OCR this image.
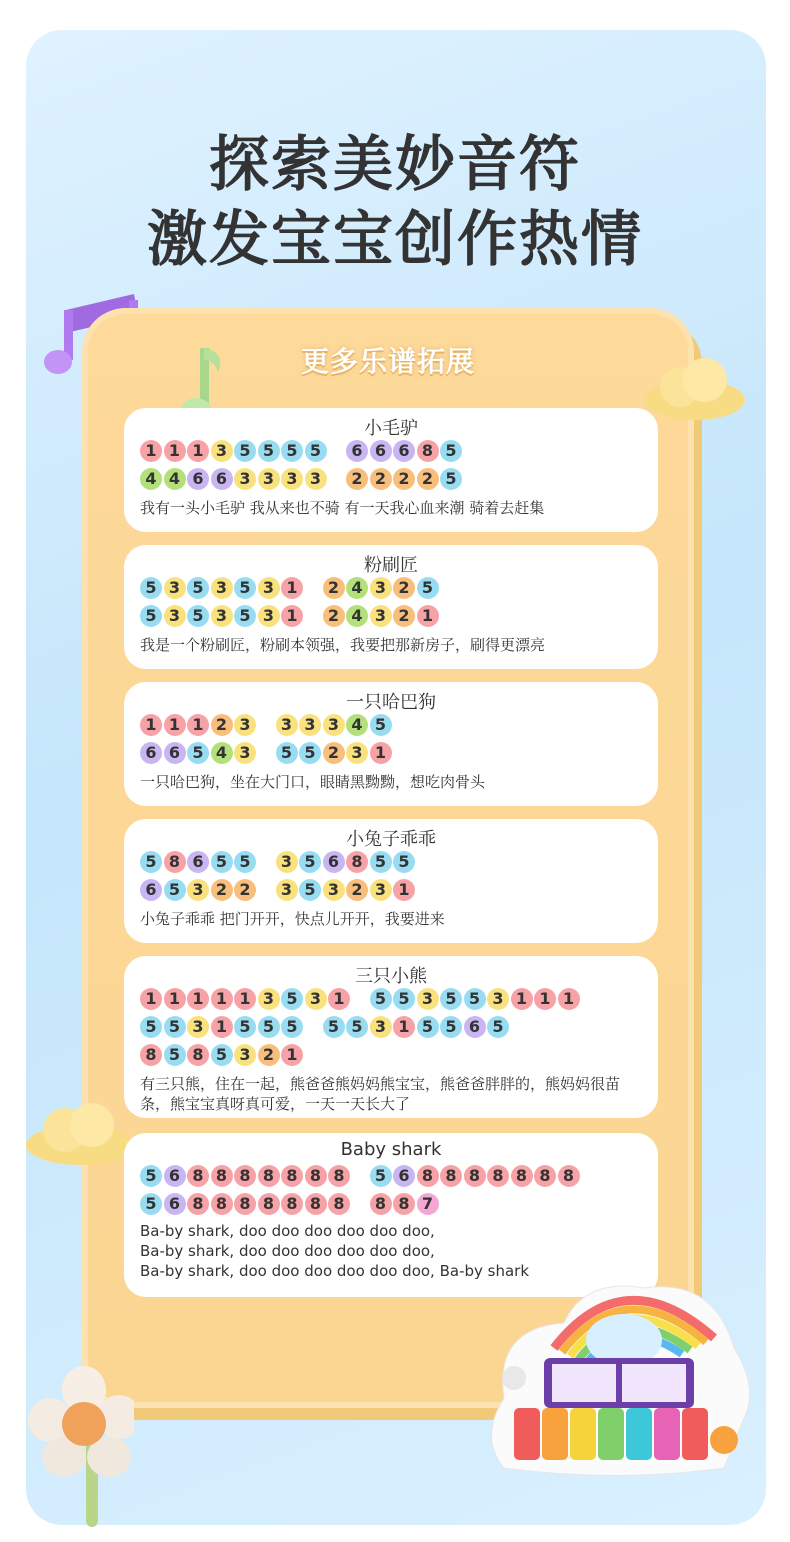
探索美妙音符
激发宝宝创作热情
更多乐谱拓展
小毛驴
1 1 1 3 5 5 5 5	6 6 6 8 5
4 4 6 6 3 3 3 3	2 2 2 2 5
我有一头小毛驴 我从来也不骑 有一天我心血来潮 骑着去赶集
粉刷匠
5 3 5 3 5 3 1	2 4 3 2 5
5 3 5 3 5 3 1	2 4 3 2 1
我是一个粉刷匠，粉刷本领强，我要把那新房子，刷得更漂亮
一只哈巴狗
1 1 1 2 3	3 3 3 4 5
6 6 5 4 3	5 5 2 3 1
一只哈巴狗，坐在大门口，眼睛黑黝黝，想吃肉骨头
小兔子乖乖
5 8 6 5 5	3 5 6 8 5 5
6 5 3 2 2	3 5 3 2 3 1
小兔子乖乖 把门开开，快点儿开开，我要进来
三只小熊
1 1 1 1 1 3 5 3 1	5 5 3 5 5 3 1 1 1
5 5 3 1 5 5 5	5 5 3 1 5 5 6 5
8 5 8 5 3 2 1
有三只熊，住在一起，熊爸爸熊妈妈熊宝宝，熊爸爸胖胖的，熊妈妈很苗条，熊宝宝真呀真可爱，一天一天长大了
Baby shark
5 6 8 8 8 8 8 8 8	5 6 8 8 8 8 8 8 8
5 6 8 8 8 8 8 8 8	8 8 7
Ba-by shark, doo doo doo doo doo doo,
Ba-by shark, doo doo doo doo doo doo,
Ba-by shark, doo doo doo doo doo doo, Ba-by shark
